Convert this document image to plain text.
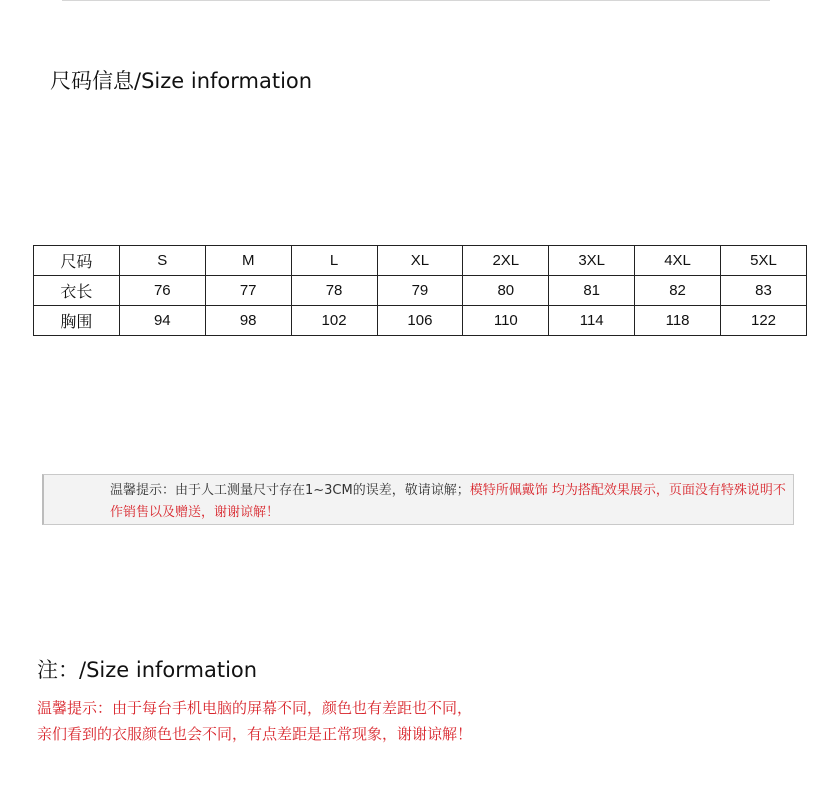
尺码信息/Size information
尺码	S	M	L	XL	2XL	3XL	4XL	5XL
衣长	76	77	78	79	80	81	82	83
胸围	94	98	102	106	110	114	118	122
温馨提示：由于人工测量尺寸存在1~3CM的误差，敬请谅解；模特所佩戴饰 均为搭配效果展示，页面没有特殊说明不作销售以及赠送，谢谢谅解！
注：/Size information
温馨提示：由于每台手机电脑的屏幕不同，颜色也有差距也不同，
亲们看到的衣服颜色也会不同，有点差距是正常现象，谢谢谅解！
